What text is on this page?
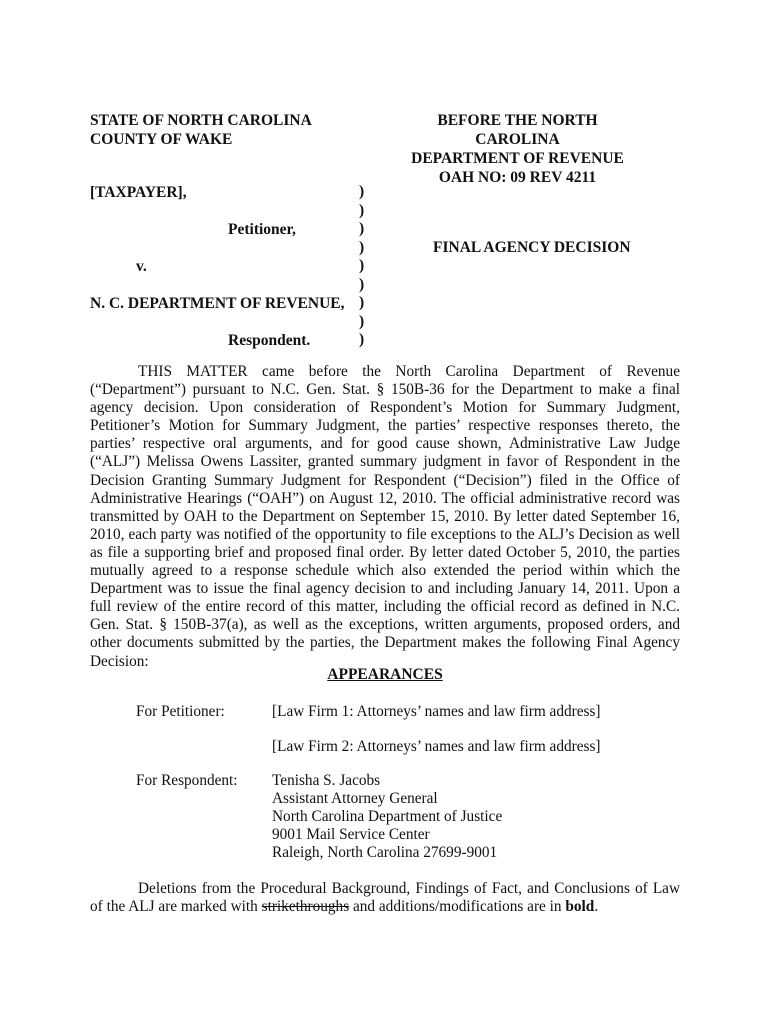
STATE OF NORTH CAROLINA
COUNTY OF WAKE
BEFORE THE NORTH CAROLINA
DEPARTMENT OF REVENUE
OAH NO: 09 REV 4211
[TAXPAYER],
Petitioner,
v.
N. C. DEPARTMENT OF REVENUE,
Respondent.
)
)
)
)
)
)
)
)
)
FINAL AGENCY DECISION

THIS MATTER came before the North Carolina Department of Revenue (“Department”) pursuant to N.C. Gen. Stat. § 150B-36 for the Department to make a final agency decision. Upon consideration of Respondent’s Motion for Summary Judgment, Petitioner’s Motion for Summary Judgment, the parties’ respective responses thereto, the parties’ respective oral arguments, and for good cause shown, Administrative Law Judge (“ALJ”) Melissa Owens Lassiter, granted summary judgment in favor of Respondent in the Decision Granting Summary Judgment for Respondent (“Decision”) filed in the Office of Administrative Hearings (“OAH”) on August 12, 2010. The official administrative record was transmitted by OAH to the Department on September 15, 2010. By letter dated September 16, 2010, each party was notified of the opportunity to file exceptions to the ALJ’s Decision as well as file a supporting brief and proposed final order. By letter dated October 5, 2010, the parties mutually agreed to a response schedule which also extended the period within which the Department was to issue the final agency decision to and including January 14, 2011. Upon a full review of the entire record of this matter, including the official record as defined in N.C. Gen. Stat. § 150B-37(a), as well as the exceptions, written arguments, proposed orders, and other documents submitted by the parties, the Department makes the following Final Agency Decision:

APPEARANCES
For Petitioner:	[Law Firm 1: Attorneys’ names and law firm address]
[Law Firm 2: Attorneys’ names and law firm address]
For Respondent: Tenisha S. Jacobs
Assistant Attorney General
North Carolina Department of Justice
9001 Mail Service Center
Raleigh, North Carolina 27699-9001

Deletions from the Procedural Background, Findings of Fact, and Conclusions of Law of the ALJ are marked with strikethroughs and additions/modifications are in bold.
